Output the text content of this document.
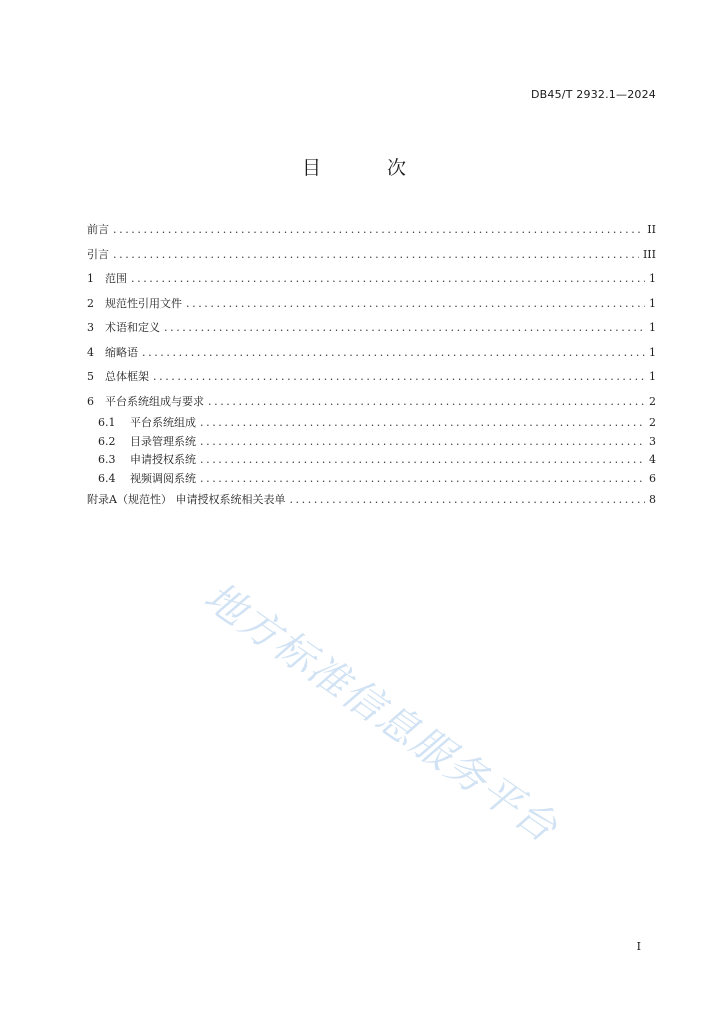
DB45/T 2932.1—2024
目 次
前言 .....	II
引言 .....	III
1 范围 .....	1
2 规范性引用文件 .....	1
3 术语和定义 .....	1
4 缩略语 .....	1
5 总体框架 .....	1
6 平台系统组成与要求 .....	2
6.1 平台系统组成 .....	2
6.2 目录管理系统 .....	3
6.3 申请授权系统 .....	4
6.4 视频调阅系统 .....	6
附录A（规范性） 申请授权系统相关表单 .....	8
地方标准信息服务平台
I
